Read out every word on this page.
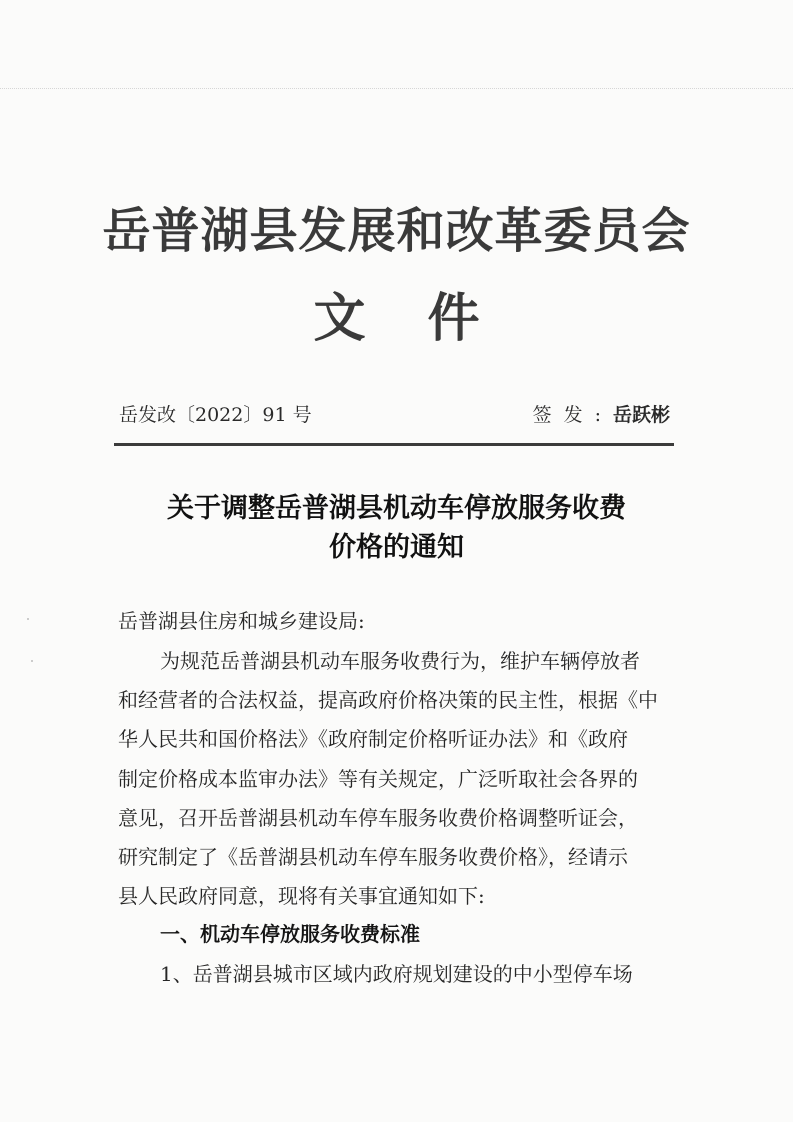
岳普湖县发展和改革委员会
文件
岳发改〔2022〕91 号	签发:岳跃彬
关于调整岳普湖县机动车停放服务收费
价格的通知
岳普湖县住房和城乡建设局:
为规范岳普湖县机动车服务收费行为，维护车辆停放者
和经营者的合法权益，提高政府价格决策的民主性，根据《中
华人民共和国价格法》《政府制定价格听证办法》和《政府
制定价格成本监审办法》等有关规定，广泛听取社会各界的
意见，召开岳普湖县机动车停车服务收费价格调整听证会，
研究制定了《岳普湖县机动车停车服务收费价格》，经请示
县人民政府同意，现将有关事宜通知如下:
一、机动车停放服务收费标准
1、岳普湖县城市区域内政府规划建设的中小型停车场
